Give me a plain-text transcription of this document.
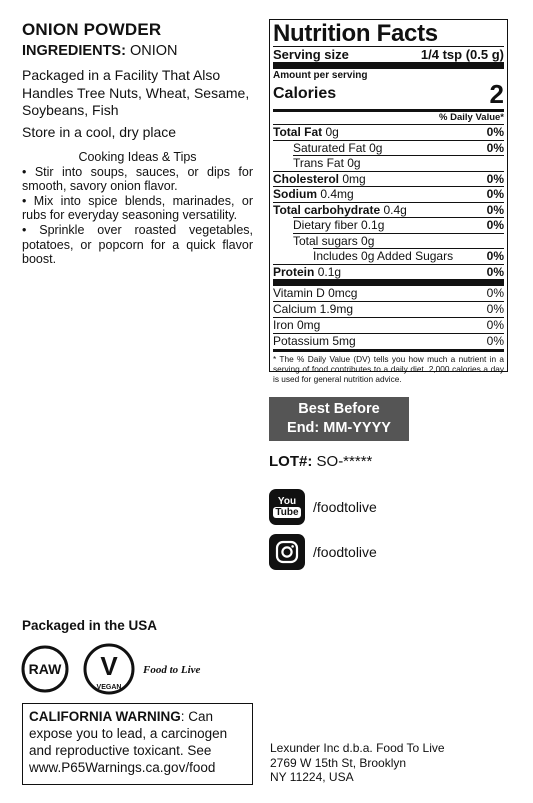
ONION POWDER
INGREDIENTS: ONION
Packaged in a Facility That Also Handles Tree Nuts, Wheat, Sesame, Soybeans, Fish
Store in a cool, dry place

Cooking Ideas & Tips

• Stir into soups, sauces, or dips for smooth, savory onion flavor.

• Mix into spice blends, marinades, or rubs for everyday seasoning versatility.

• Sprinkle over roasted vegetables, potatoes, or popcorn for a quick flavor boost.

Nutrition Facts
Serving size	1/4 tsp (0.5 g)
Amount per serving
Calories	2
% Daily Value*
Total Fat 0g	0%
Saturated Fat 0g	0%
Trans Fat 0g
Cholesterol 0mg	0%
Sodium 0.4mg	0%
Total carbohydrate 0.4g	0%
Dietary fiber 0.1g	0%
Total sugars 0g
Includes 0g Added Sugars	0%
Protein 0.1g	0%
Vitamin D 0mcg	0%
Calcium 1.9mg	0%
Iron 0mg	0%
Potassium 5mg	0%
* The % Daily Value (DV) tells you how much a nutrient in a serving of food contributes to a daily diet. 2,000 calories a day is used for general nutrition advice.
Best Before
End: MM-YYYY
LOT#: SO-*****
You
Tube /foodtolive
/foodtolive
Packaged in the USA
RAW V
VEGAN
Food to Live
CALIFORNIA WARNING: Can expose you to lead, a carcinogen and reproductive toxicant. See www.P65Warnings.ca.gov/food
Lexunder Inc d.b.a. Food To Live
2769 W 15th St, Brooklyn
NY 11224, USA
